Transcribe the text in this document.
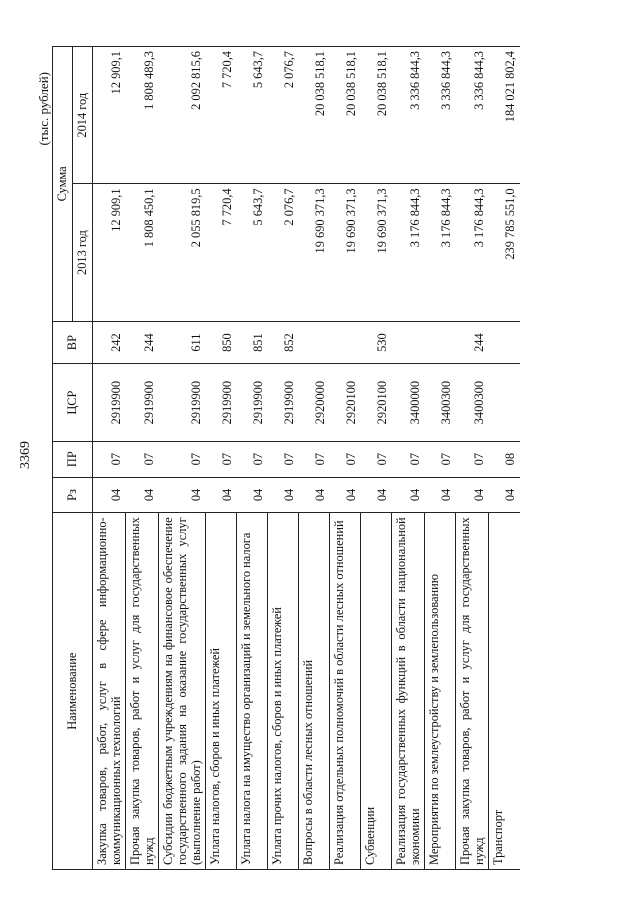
3369
(тыс. рублей)
Наименование	Рз	ПР	ЦСР	ВР	Сумма	
					2013 год	2014 год
Закупка товаров, работ, услуг в сфере информационно-коммуникационных технологий	04	07	2919900	242	12 909,1	12 909,1
Прочая закупка товаров, работ и услуг для государственных нужд	04	07	2919900	244	1 808 450,1	1 808 489,3
Субсидии бюджетным учреждениям на финансовое обеспечение государственного задания на оказание государственных услуг (выполнение работ)	04	07	2919900	611	2 055 819,5	2 092 815,6
Уплата налогов, сборов и иных платежей	04	07	2919900	850	7 720,4	7 720,4
Уплата налога на имущество организаций и земельного налога	04	07	2919900	851	5 643,7	5 643,7
Уплата прочих налогов, сборов и иных платежей	04	07	2919900	852	2 076,7	2 076,7
Вопросы в области лесных отношений	04	07	2920000		19 690 371,3	20 038 518,1
Реализация отдельных полномочий в области лесных отношений	04	07	2920100		19 690 371,3	20 038 518,1
Субвенции	04	07	2920100	530	19 690 371,3	20 038 518,1
Реализация государственных функций в области национальной экономики	04	07	3400000		3 176 844,3	3 336 844,3
Мероприятия по землеустройству и землепользованию	04	07	3400300		3 176 844,3	3 336 844,3
Прочая закупка товаров, работ и услуг для государственных нужд	04	07	3400300	244	3 176 844,3	3 336 844,3
Транспорт	04	08			239 785 551,0	184 021 802,4
